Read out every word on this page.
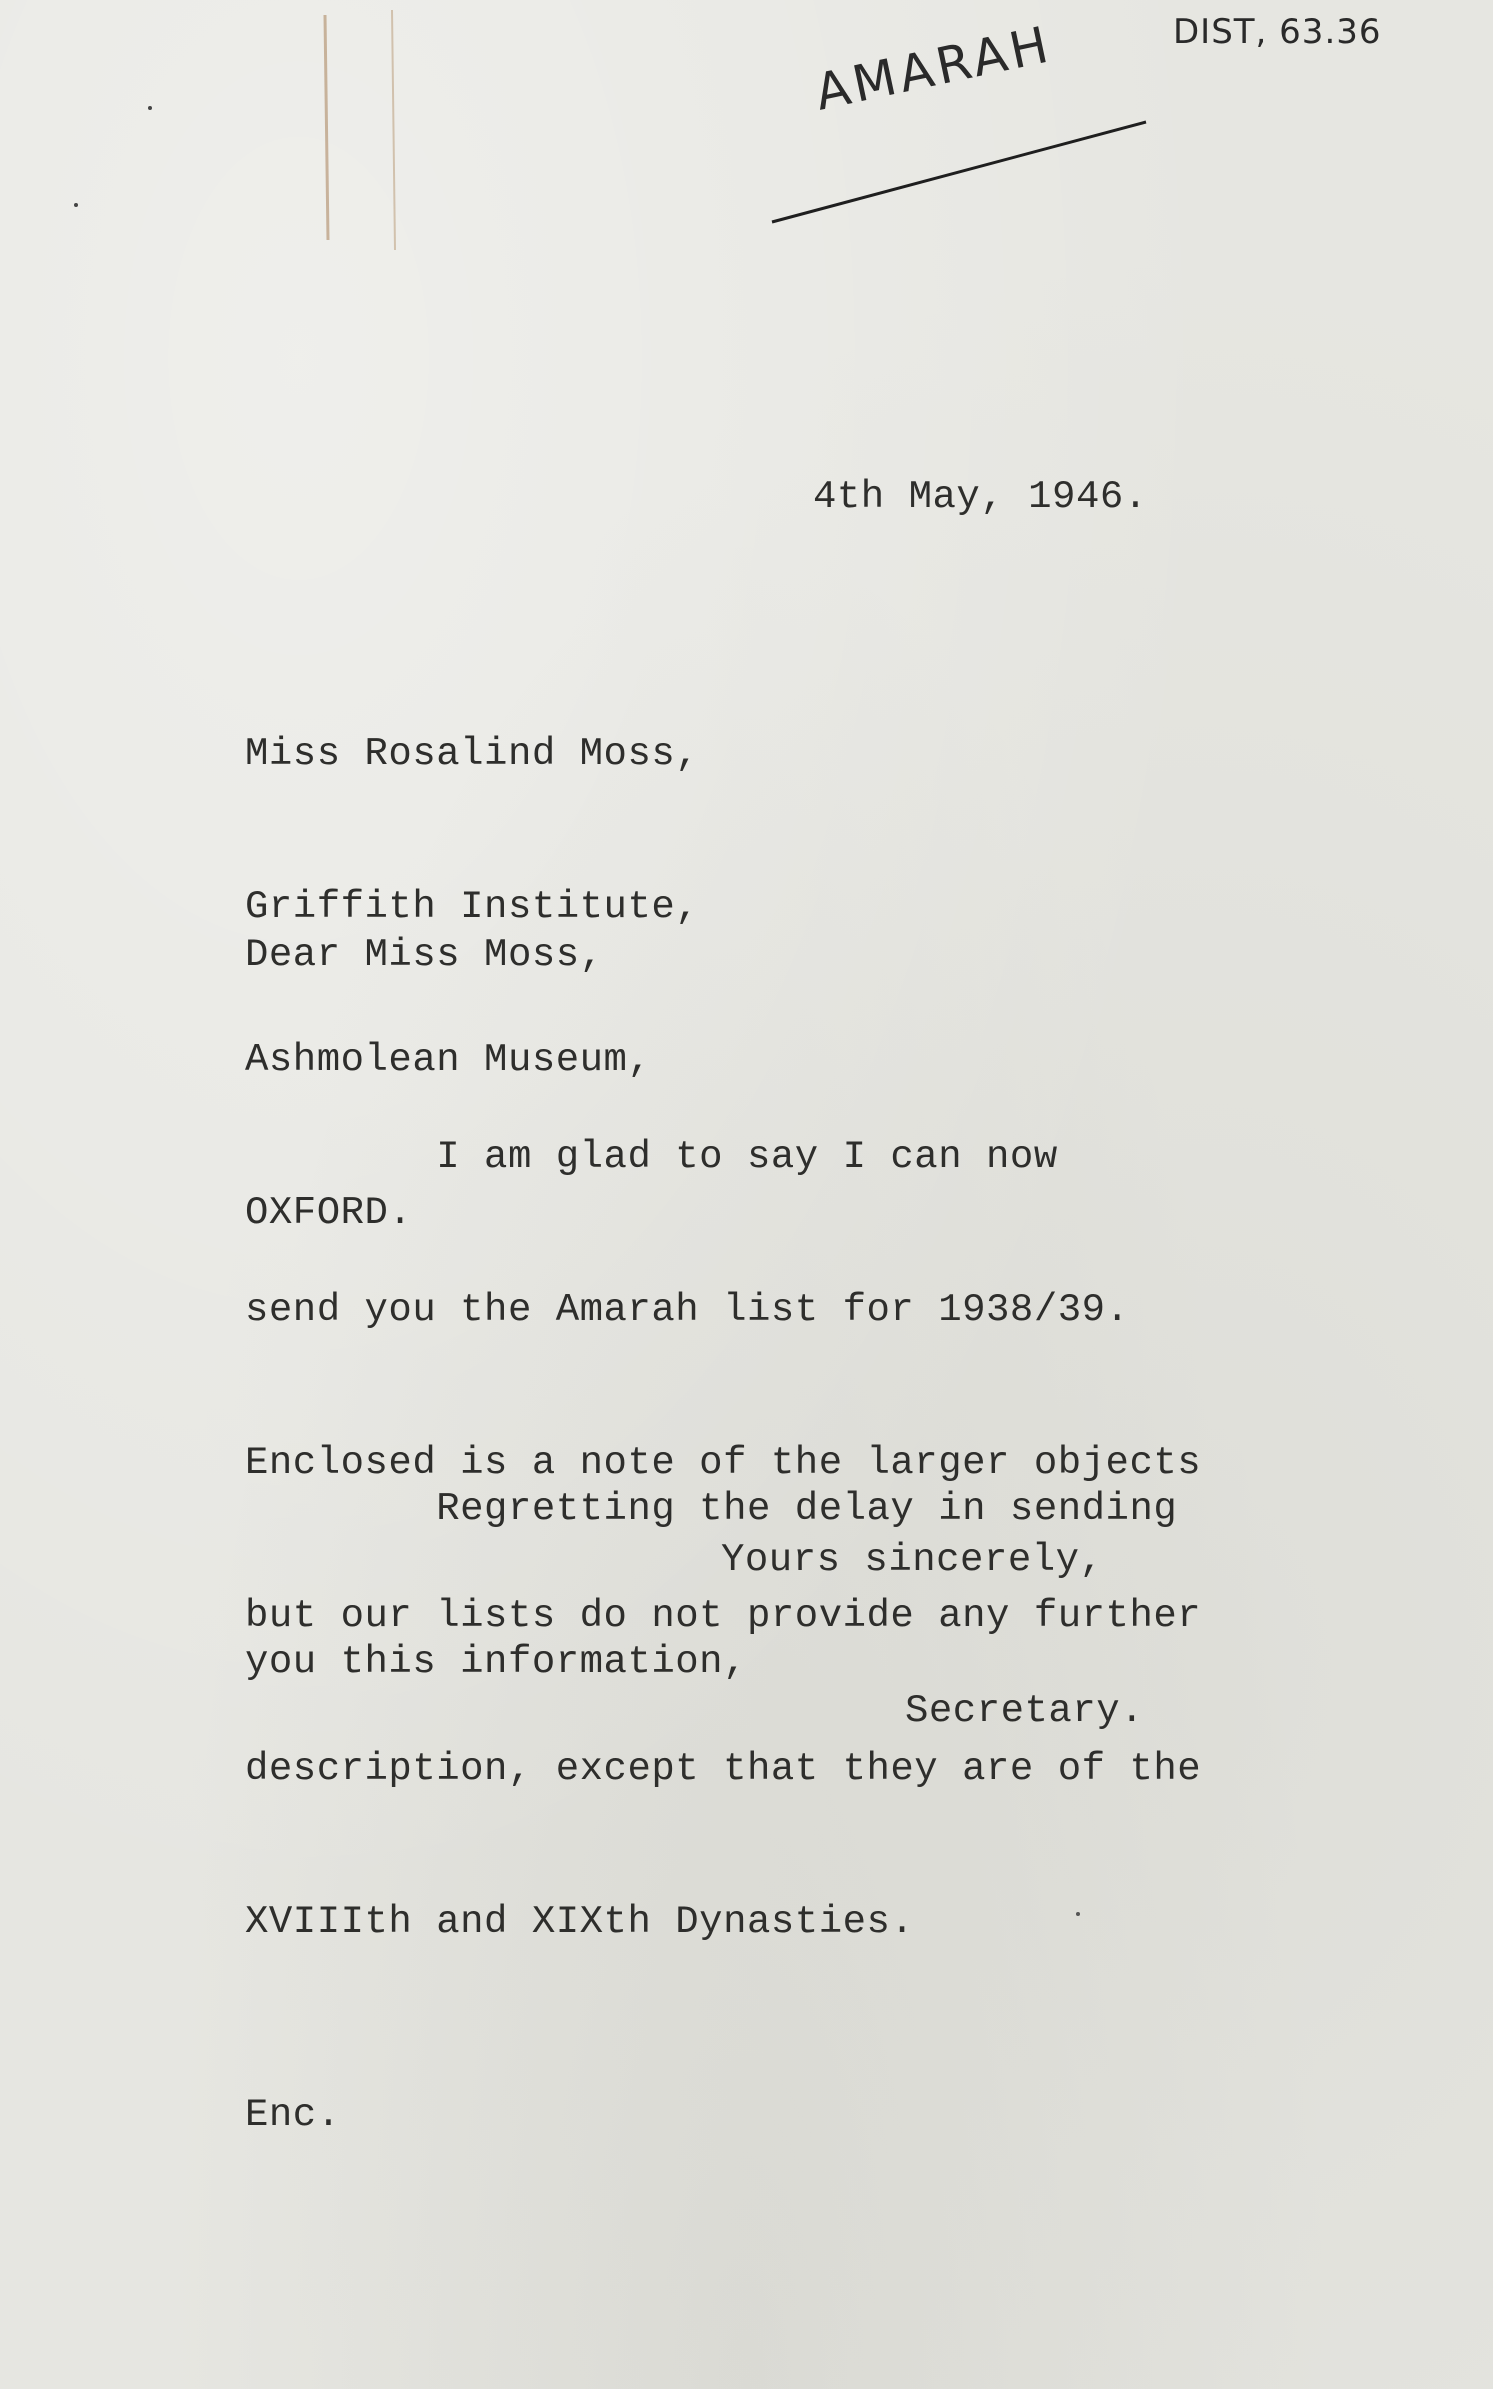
DIST, 63.36
AMARAH
4th May, 1946.

Miss Rosalind Moss,

Griffith Institute,

Ashmolean Museum,

OXFORD.

Dear Miss Moss,

I am glad to say I can now

send you the Amarah list for 1938/39.

Enclosed is a note of the larger objects

but our lists do not provide any further

description, except that they are of the

XVIIIth and XIXth Dynasties.

Regretting the delay in sending

you this information,

Yours sincerely,
Secretary.
Enc.
